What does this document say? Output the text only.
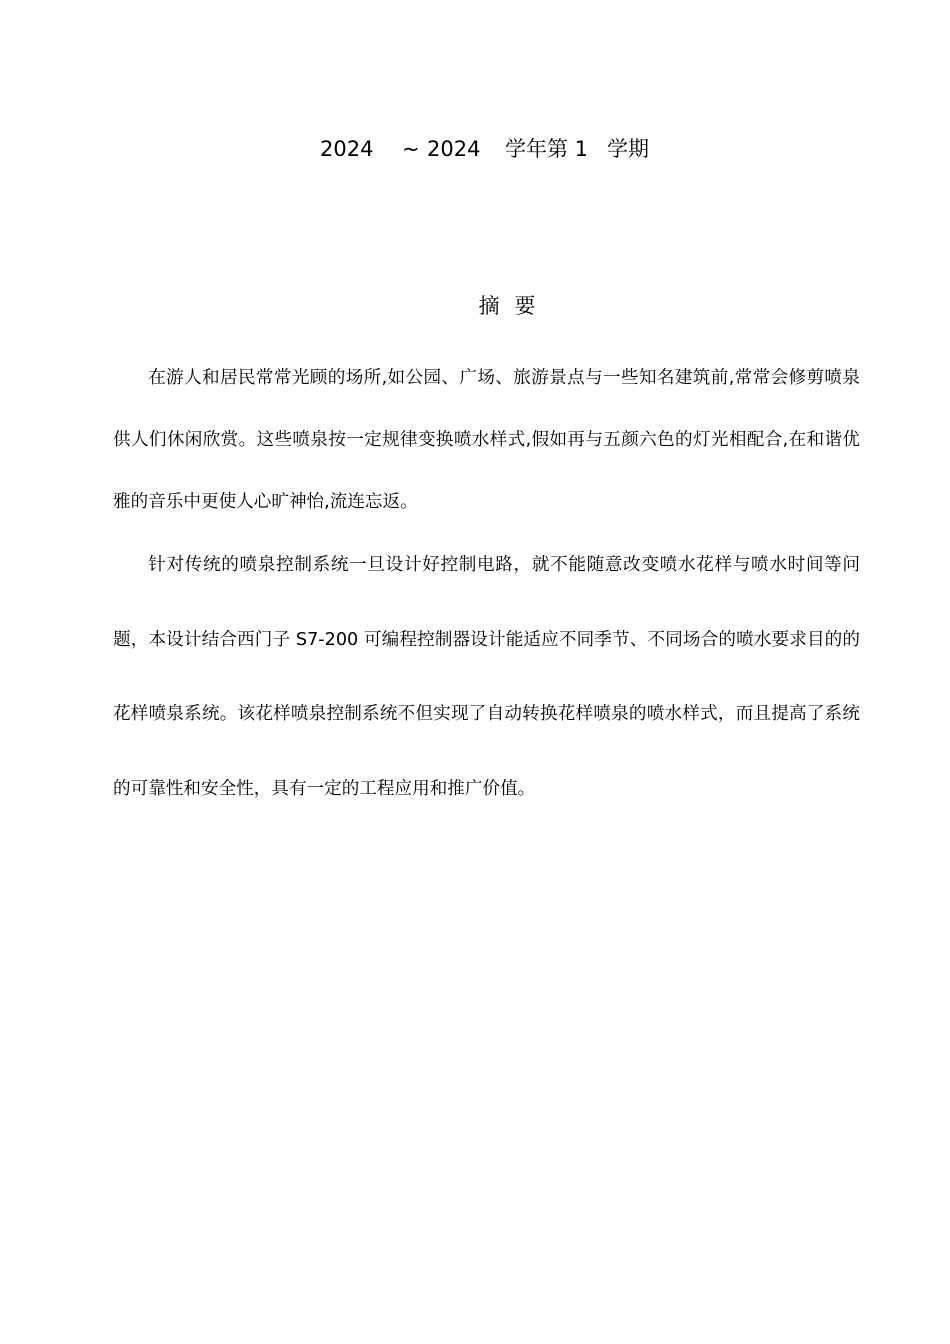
2024 ~ 2024 学年第 1 学期
摘 要

在游人和居民常常光顾的场所,如公园、广场、旅游景点与一些知名建筑前,常常会修剪喷泉供人们休闲欣赏。这些喷泉按一定规律变换喷水样式,假如再与五颜六色的灯光相配合,在和谐优雅的音乐中更使人心旷神怡,流连忘返。

针对传统的喷泉控制系统一旦设计好控制电路，就不能随意改变喷水花样与喷水时间等问题，本设计结合西门子 S7-200 可编程控制器设计能适应不同季节、不同场合的喷水要求目的的花样喷泉系统。该花样喷泉控制系统不但实现了自动转换花样喷泉的喷水样式，而且提高了系统的可靠性和安全性，具有一定的工程应用和推广价值。
